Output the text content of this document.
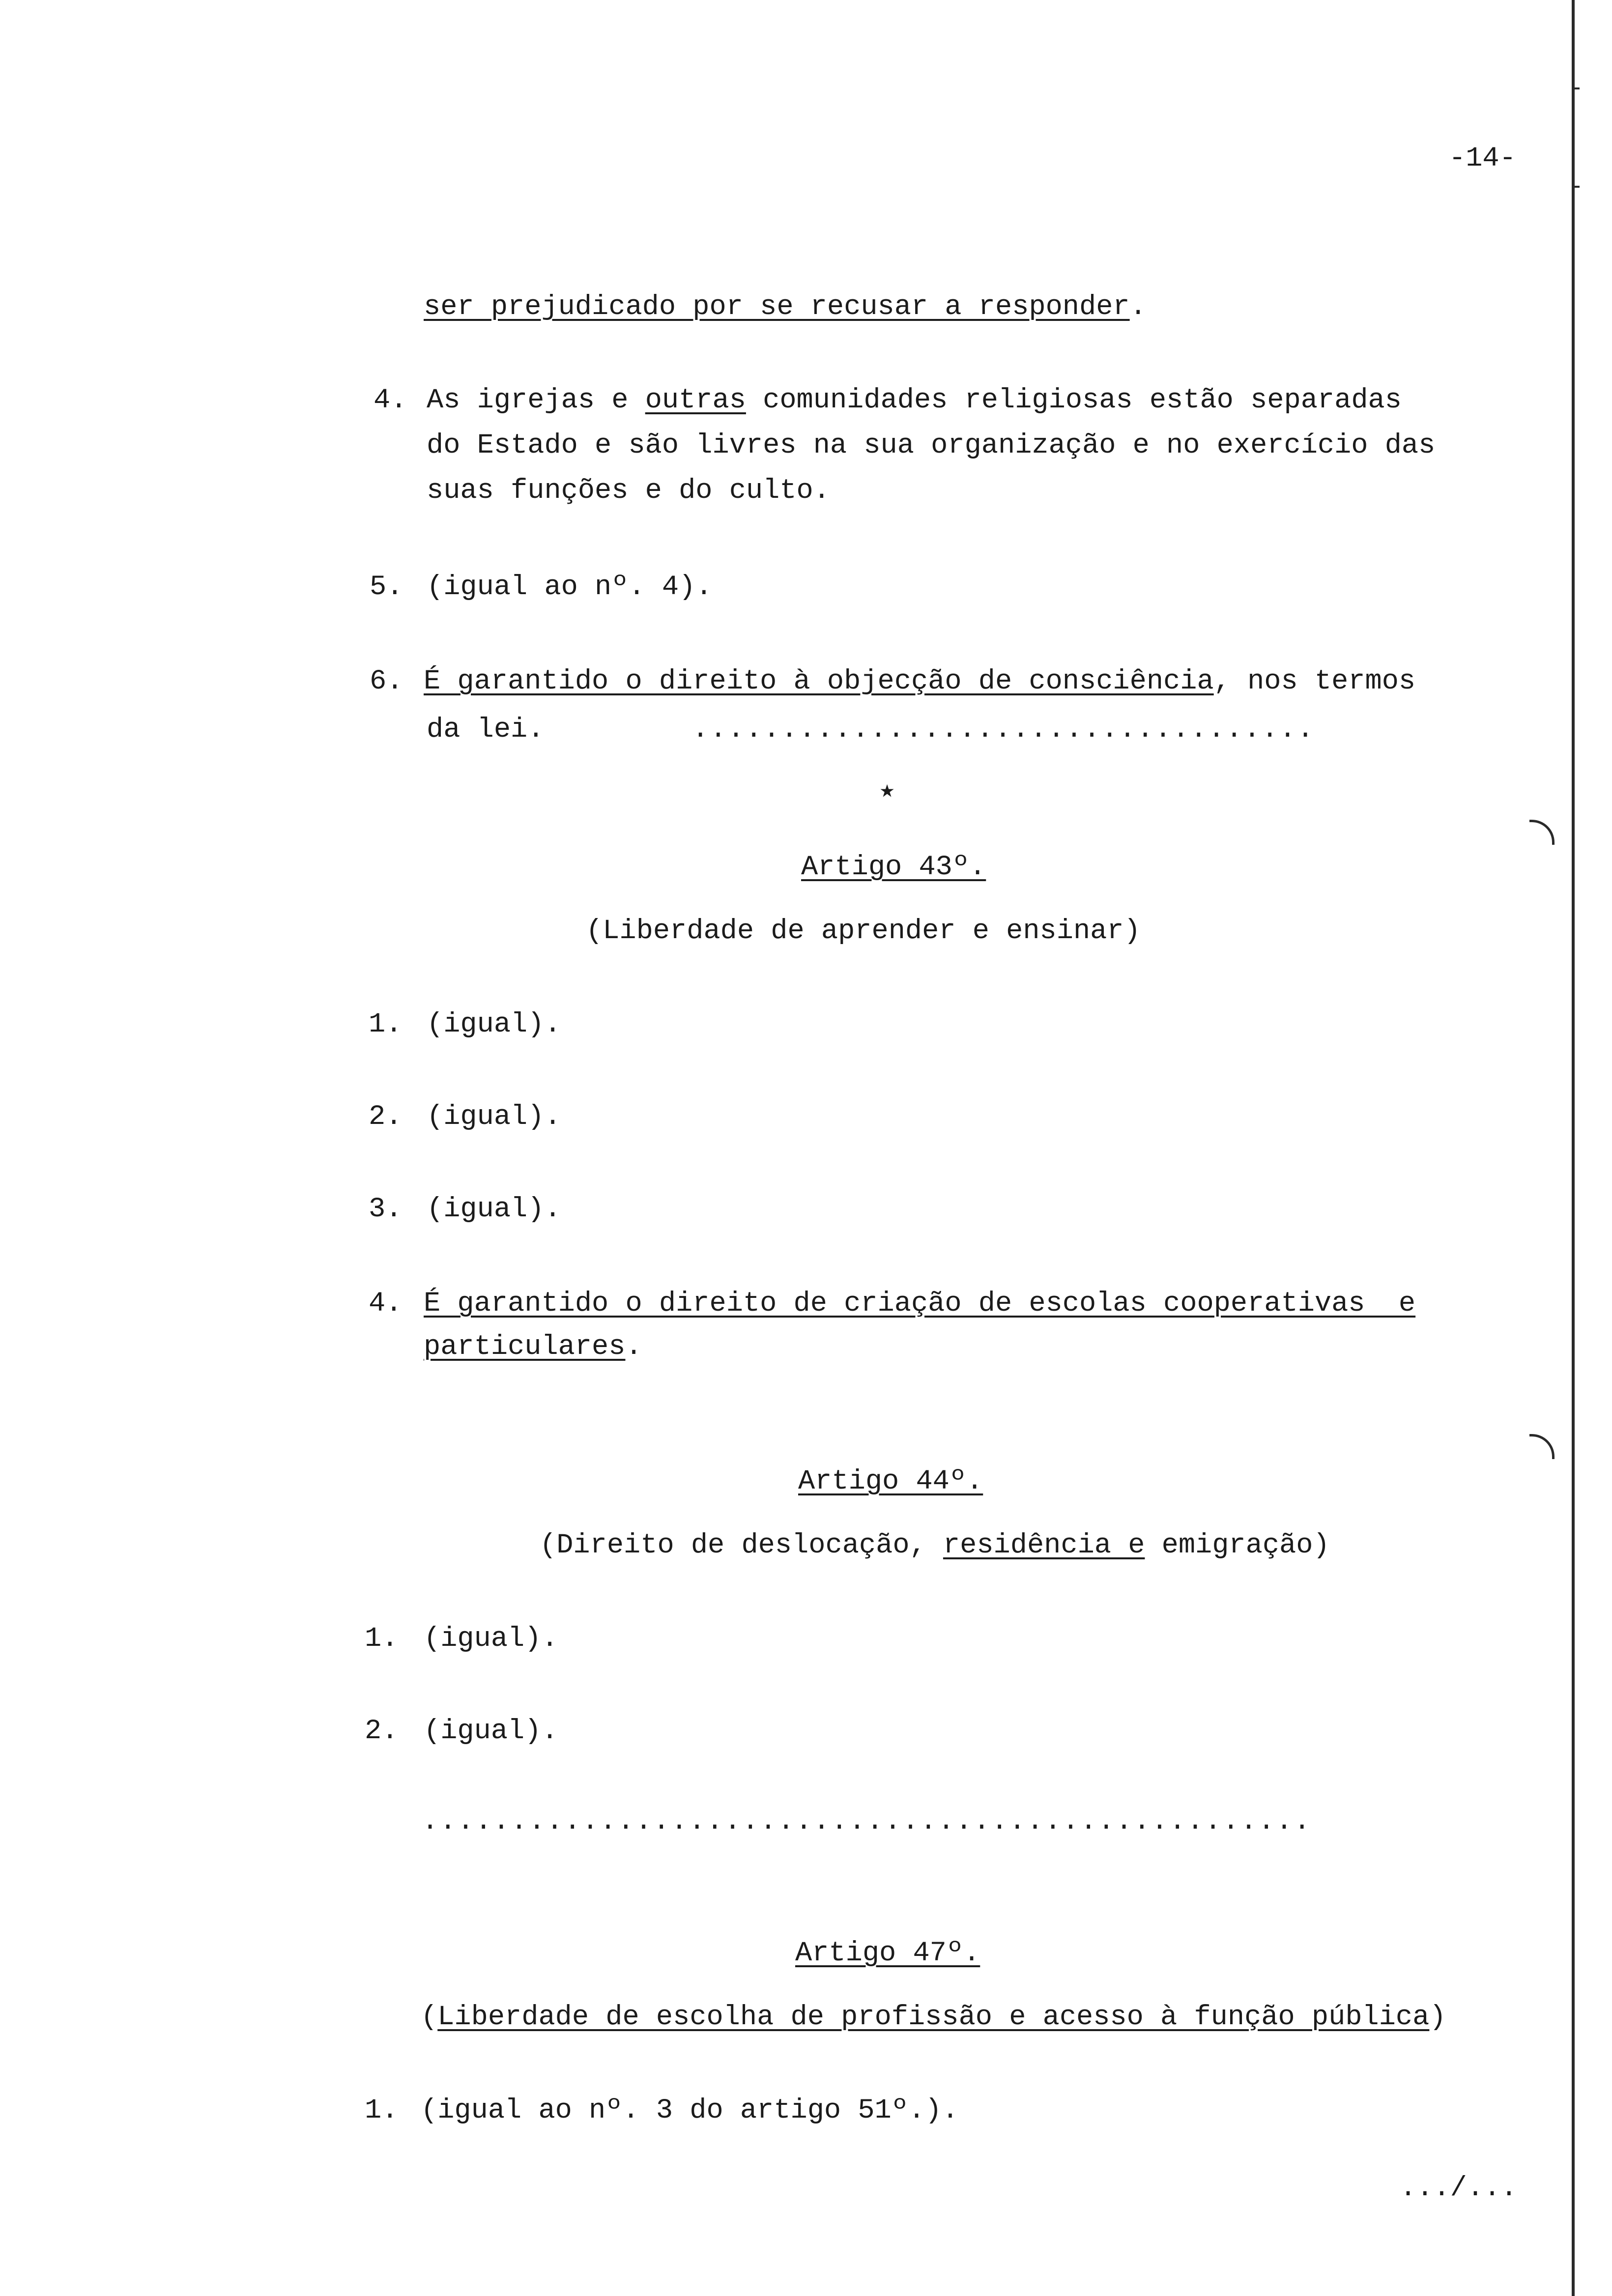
-14-
ser prejudicado por se recusar a responder.
4. As igrejas e outras comunidades religiosas estão separadas
do Estado e são livres na sua organização e no exercício das
suas funções e do culto.
5. (igual ao nº. 4).
6. É garantido o direito à objecção de consciência, nos termos
da lei.	...................................
★
Artigo 43º.
(Liberdade de aprender e ensinar)
1. (igual).
2. (igual).
3. (igual).
4. É garantido o direito de criação de escolas cooperativas  e
particulares.
Artigo 44º.
(Direito de deslocação, residência e emigração)
1. (igual).
2. (igual).
..................................................
Artigo 47º.
(Liberdade de escolha de profissão e acesso à função pública)
1. (igual ao nº. 3 do artigo 51º.).
.../...
